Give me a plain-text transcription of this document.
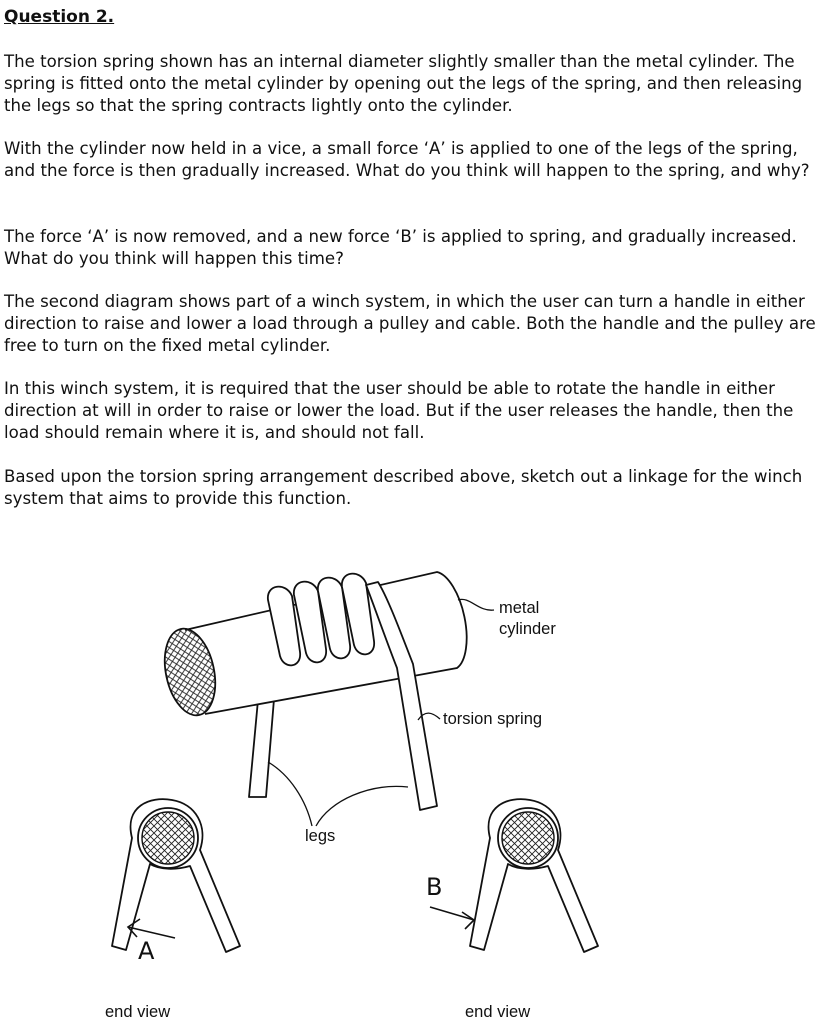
Question 2.

The torsion spring shown has an internal diameter slightly smaller than the metal cylinder. The spring is fitted onto the metal cylinder by opening out the legs of the spring, and then releasing the legs so that the spring contracts lightly onto the cylinder.

With the cylinder now held in a vice, a small force ‘A’ is applied to one of the legs of the spring, and the force is then gradually increased. What do you think will happen to the spring, and why?

The force ‘A’ is now removed, and a new force ‘B’ is applied to spring, and gradually increased. What do you think will happen this time?

The second diagram shows part of a winch system, in which the user can turn a handle in either direction to raise and lower a load through a pulley and cable. Both the handle and the pulley are free to turn on the fixed metal cylinder.

In this winch system, it is required that the user should be able to rotate the handle in either direction at will in order to raise or lower the load. But if the user releases the handle, then the load should remain where it is, and should not fall.

Based upon the torsion spring arrangement described above, sketch out a linkage for the winch system that aims to provide this function.

metal
cylinder
torsion spring
legs
A
B
end view	end view
